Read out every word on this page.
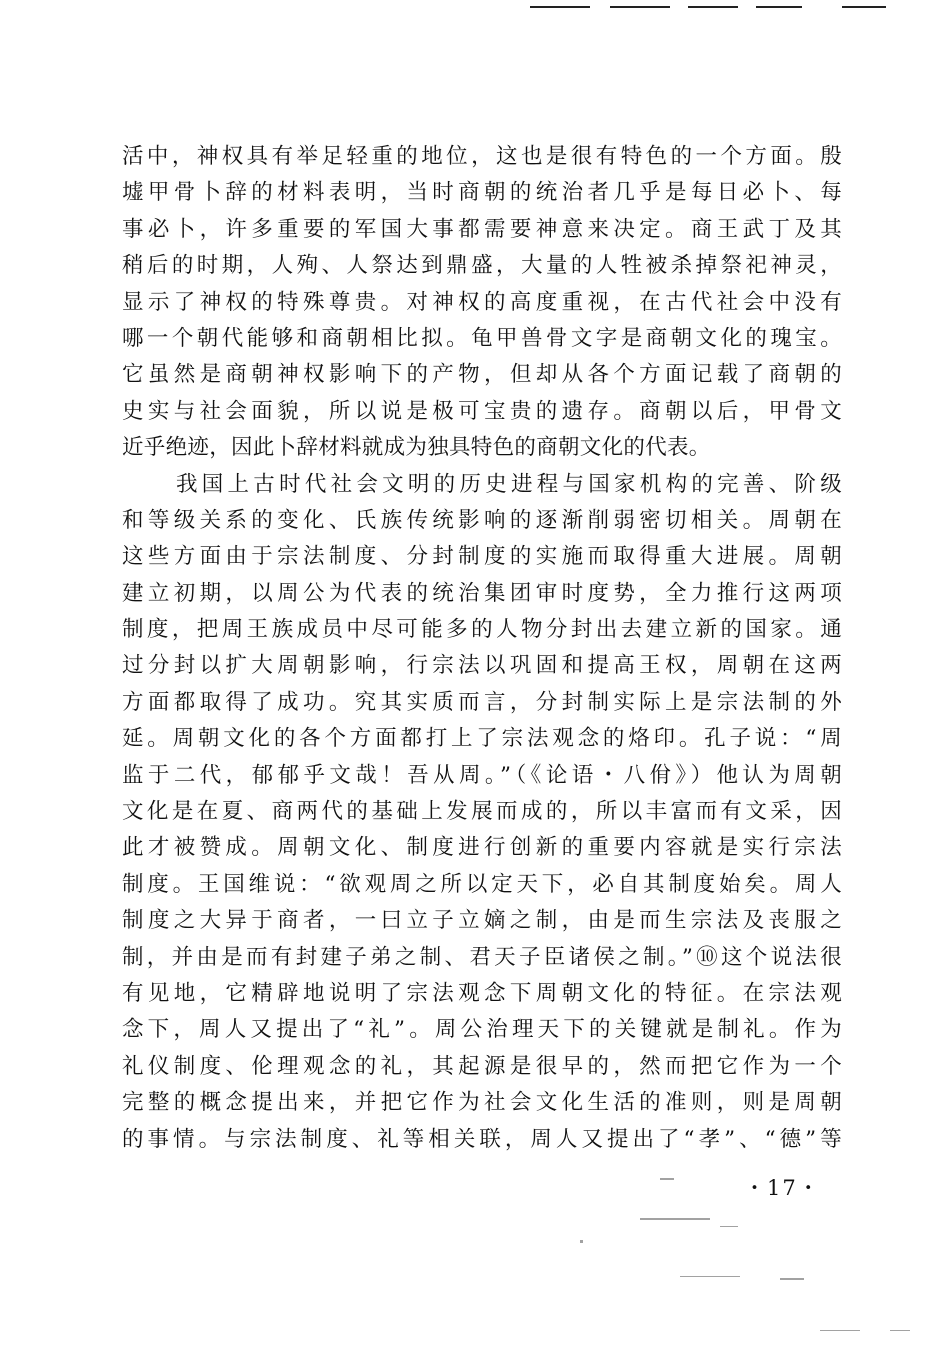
活中，神权具有举足轻重的地位，这也是很有特色的一个方面。殷
墟甲骨卜辞的材料表明，当时商朝的统治者几乎是每日必卜、每
事必卜，许多重要的军国大事都需要神意来决定。商王武丁及其
稍后的时期，人殉、人祭达到鼎盛，大量的人牲被杀掉祭祀神灵，
显示了神权的特殊尊贵。对神权的高度重视，在古代社会中没有
哪一个朝代能够和商朝相比拟。龟甲兽骨文字是商朝文化的瑰宝。
它虽然是商朝神权影响下的产物，但却从各个方面记载了商朝的
史实与社会面貌，所以说是极可宝贵的遗存。商朝以后，甲骨文
近乎绝迹，因此卜辞材料就成为独具特色的商朝文化的代表。
我国上古时代社会文明的历史进程与国家机构的完善、阶级
和等级关系的变化、氏族传统影响的逐渐削弱密切相关。周朝在
这些方面由于宗法制度、分封制度的实施而取得重大进展。周朝
建立初期，以周公为代表的统治集团审时度势，全力推行这两项
制度，把周王族成员中尽可能多的人物分封出去建立新的国家。通
过分封以扩大周朝影响，行宗法以巩固和提高王权，周朝在这两
方面都取得了成功。究其实质而言，分封制实际上是宗法制的外
延。周朝文化的各个方面都打上了宗法观念的烙印。孔子说：“周
监于二代，郁郁乎文哉！吾从周。”（《论语・八佾》）他认为周朝
文化是在夏、商两代的基础上发展而成的，所以丰富而有文采，因
此才被赞成。周朝文化、制度进行创新的重要内容就是实行宗法
制度。王国维说：“欲观周之所以定天下，必自其制度始矣。周人
制度之大异于商者，一曰立子立嫡之制，由是而生宗法及丧服之
制，并由是而有封建子弟之制、君天子臣诸侯之制。”⑩这个说法很
有见地，它精辟地说明了宗法观念下周朝文化的特征。在宗法观
念下，周人又提出了“礼”。周公治理天下的关键就是制礼。作为
礼仪制度、伦理观念的礼，其起源是很早的，然而把它作为一个
完整的概念提出来，并把它作为社会文化生活的准则，则是周朝
的事情。与宗法制度、礼等相关联，周人又提出了“孝”、“德”等
・17・
